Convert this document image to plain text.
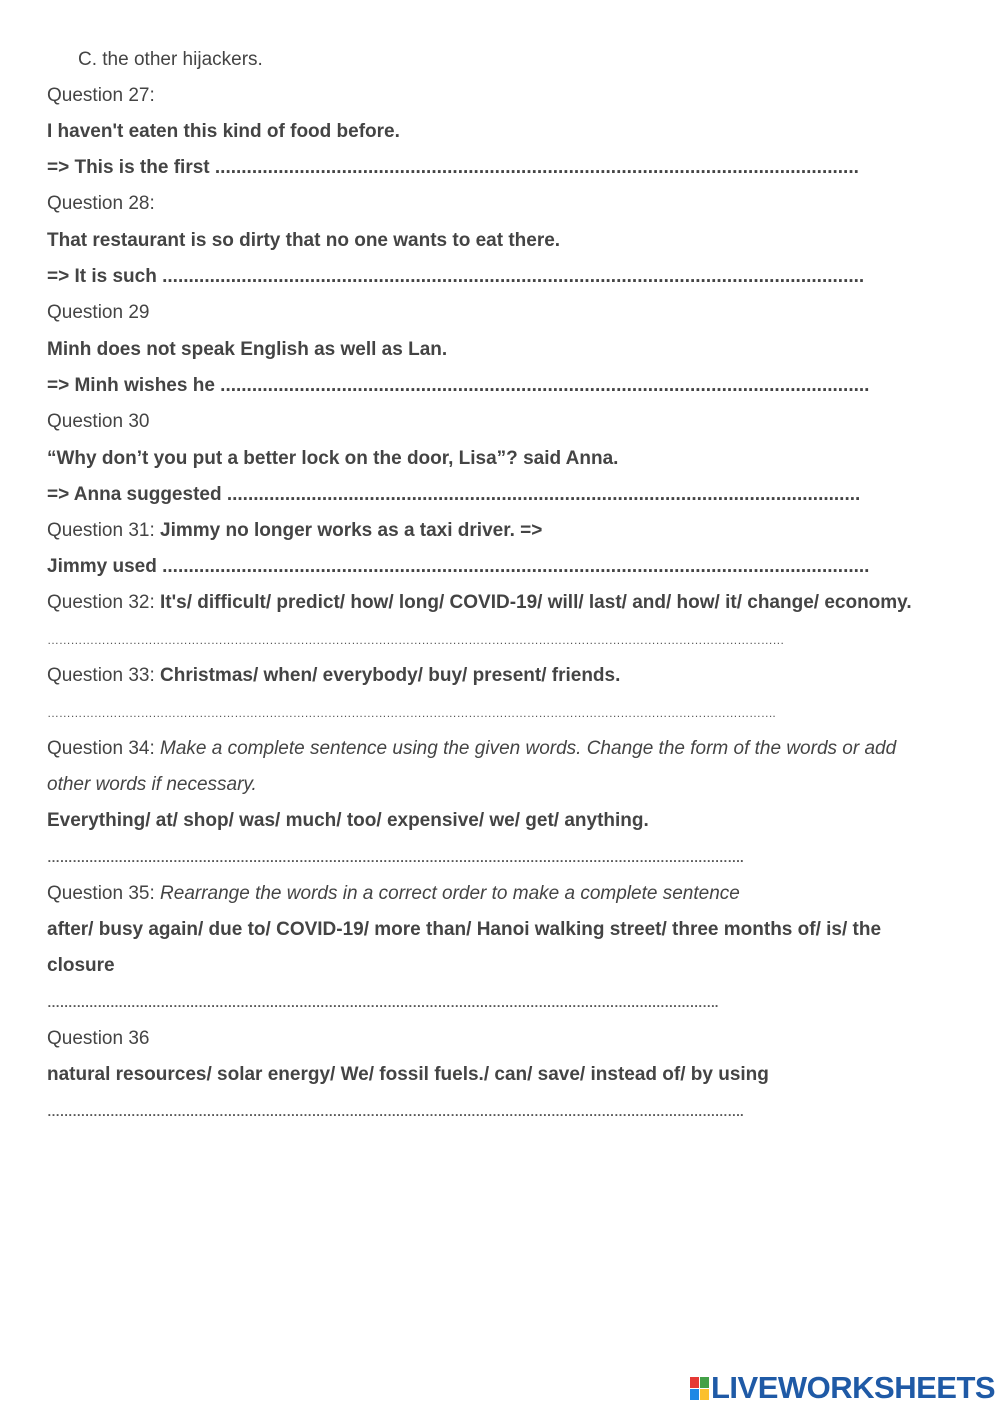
C. the other hijackers.
Question 27:
I haven't eaten this kind of food before.
=> This is the first ..........................................................................................................................
Question 28:
That restaurant is so dirty that no one wants to eat there.
=> It is such .....................................................................................................................................
Question 29
Minh does not speak English as well as Lan.
=> Minh wishes he ...........................................................................................................................
Question 30
“Why don’t you put a better lock on the door, Lisa”? said Anna.
=> Anna suggested ........................................................................................................................
Question 31: Jimmy no longer works as a taxi driver. =>
Jimmy used ......................................................................................................................................
Question 32: It's/ difficult/ predict/ how/ long/ COVID-19/ will/ last/ and/ how/ it/ change/ economy.
………………………………………………………………………………………………………………………………………………………………………
Question 33: Christmas/ when/ everybody/ buy/ present/ friends.
…………………………………………………………………………………………………………………………………………………………………….
Question 34: Make a complete sentence using the given words. Change the form of the words or add
other words if necessary.
Everything/ at/ shop/ was/ much/ too/ expensive/ we/ get/ anything.
………………………………………………………………………………………………………………………………………………….
Question 35: Rearrange the words in a correct order to make a complete sentence
after/ busy again/ due to/ COVID-19/ more than/ Hanoi walking street/ three months of/ is/ the
closure
…………………………………………………………………………………………………………………………………………….
Question 36
natural resources/ solar energy/ We/ fossil fuels./ can/ save/ instead of/ by using
………………………………………………………………………………………………………………………………………………….
LIVEWORKSHEETS
